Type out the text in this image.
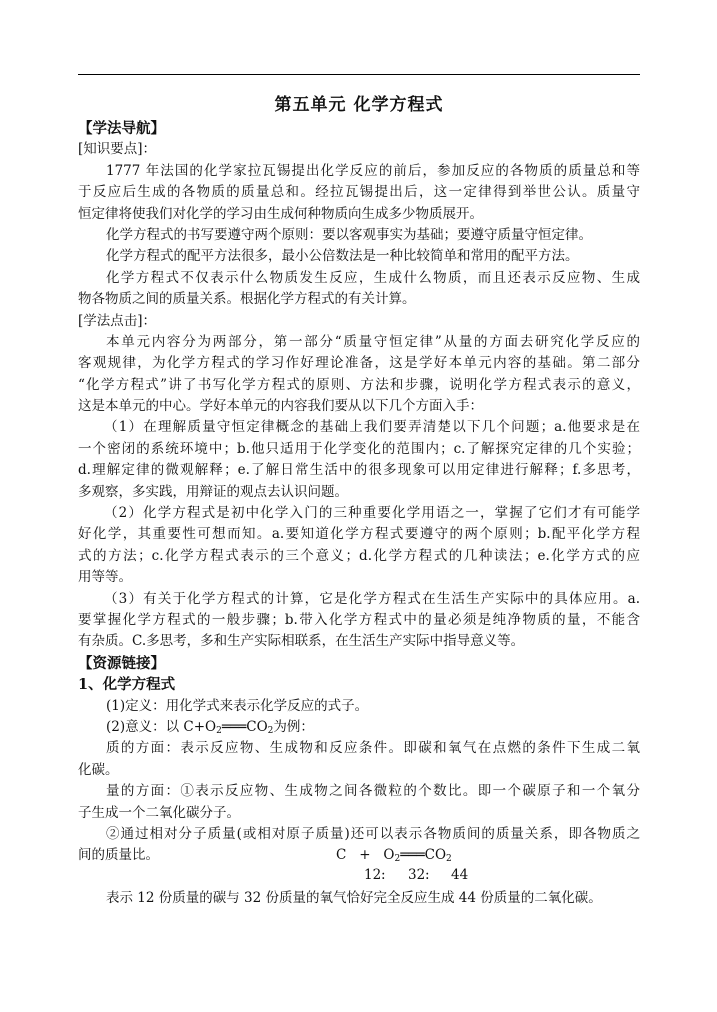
第五单元 化学方程式
【学法导航】
[知识要点]：
1777 年法国的化学家拉瓦锡提出化学反应的前后，参加反应的各物质的质量总和等
于反应后生成的各物质的质量总和。经拉瓦锡提出后，这一定律得到举世公认。质量守
恒定律将使我们对化学的学习由生成何种物质向生成多少物质展开。
化学方程式的书写要遵守两个原则：要以客观事实为基础；要遵守质量守恒定律。
化学方程式的配平方法很多，最小公倍数法是一种比较简单和常用的配平方法。
化学方程式不仅表示什么物质发生反应，生成什么物质，而且还表示反应物、生成
物各物质之间的质量关系。根据化学方程式的有关计算。
[学法点击]：
本单元内容分为两部分，第一部分“质量守恒定律”从量的方面去研究化学反应的
客观规律，为化学方程式的学习作好理论准备，这是学好本单元内容的基础。第二部分
“化学方程式”讲了书写化学方程式的原则、方法和步骤，说明化学方程式表示的意义，
这是本单元的中心。学好本单元的内容我们要从以下几个方面入手：
（1）在理解质量守恒定律概念的基础上我们要弄清楚以下几个问题；a.他要求是在
一个密闭的系统环境中；b.他只适用于化学变化的范围内；c.了解探究定律的几个实验；
d.理解定律的微观解释；e.了解日常生活中的很多现象可以用定律进行解释；f.多思考，
多观察，多实践，用辩证的观点去认识问题。
（2）化学方程式是初中化学入门的三种重要化学用语之一，掌握了它们才有可能学
好化学，其重要性可想而知。a.要知道化学方程式要遵守的两个原则；b.配平化学方程
式的方法；c.化学方程式表示的三个意义；d.化学方程式的几种读法；e.化学方式的应
用等等。
（3）有关于化学方程式的计算，它是化学方程式在生活生产实际中的具体应用。a.
要掌握化学方程式的一般步骤；b.带入化学方程式中的量必须是纯净物质的量，不能含
有杂质。C.多思考，多和生产实际相联系，在生活生产实际中指导意义等。
【资源链接】
1、化学方程式
(1)定义：用化学式来表示化学反应的式子。
(2)意义：以 $C+O_2$
$═══CO_2$为例：
质的方面：表示反应物、生成物和反应条件。即碳和氧气在点燃的条件下生成二氧
化碳。
量的方面：①表示反应物、生成物之间各微粒的个数比。即一个碳原子和一个氧分
子生成一个二氧化碳分子。
②通过相对分子质量(或相对原子质量)还可以表示各物质间的质量关系，即各物质之
间的质量比。	$C + O_2$
$═══CO_2$
12 : 32 : 44
表示 12 份质量的碳与 32 份质量的氧气恰好完全反应生成 44 份质量的二氧化碳。
